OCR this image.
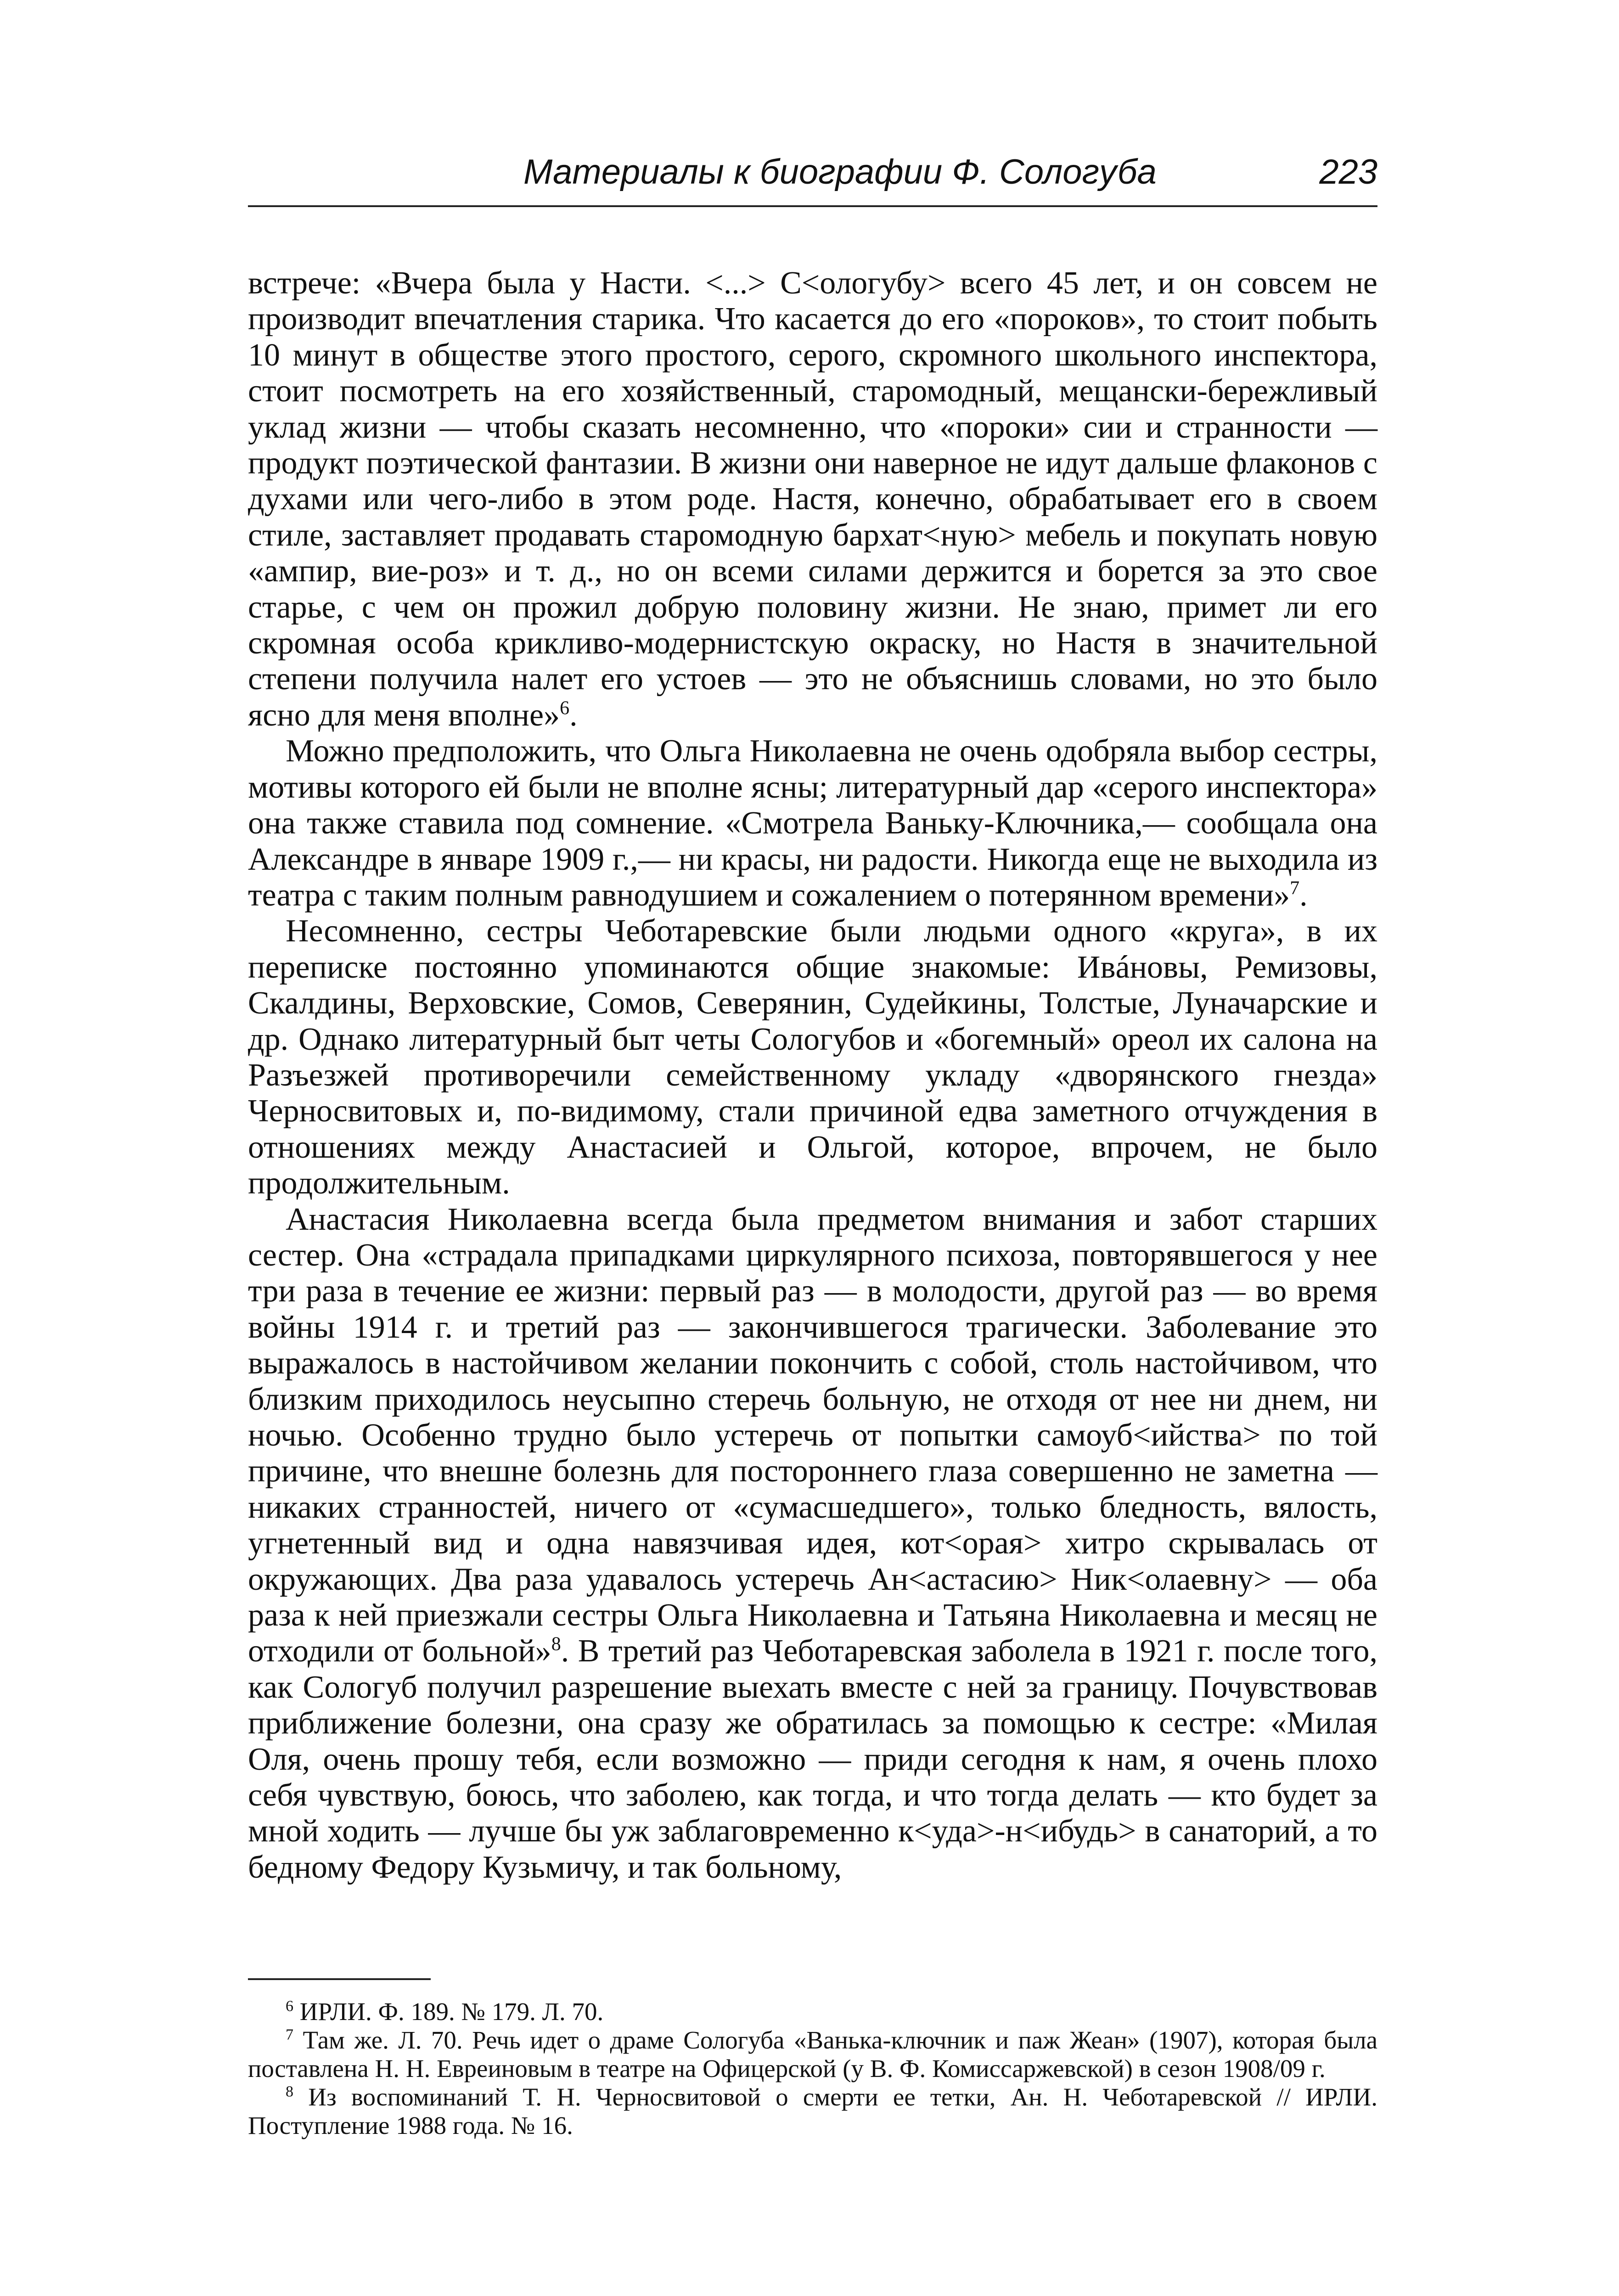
Материалы к биографии Ф. Сологуба	223

встрече: «Вчера была у Насти. <...> С<ологубу> всего 45 лет, и он совсем не производит впечатления старика. Что касается до его «пороков», то стоит побыть 10 минут в обществе этого простого, серого, скромного школьного инспектора, стоит посмотреть на его хозяйственный, старомодный, мещански-бережливый уклад жизни — чтобы сказать несомненно, что «пороки» сии и странности — продукт поэтической фантазии. В жизни они наверное не идут дальше флаконов с духами или чего-либо в этом роде. Настя, конечно, обрабатывает его в своем стиле, заставляет продавать старомодную бархат<ную> мебель и покупать новую «ампир, вие-роз» и т. д., но он всеми силами держится и борется за это свое старье, с чем он прожил добрую половину жизни. Не знаю, примет ли его скромная особа крикливо-модернистскую окраску, но Настя в значительной степени получила налет его устоев — это не объяснишь словами, но это было ясно для меня вполне»$^6$.

Можно предположить, что Ольга Николаевна не очень одобряла выбор сестры, мотивы которого ей были не вполне ясны; литературный дар «серого инспектора» она также ставила под сомнение. «Смотрела Ваньку-Ключника,— сообщала она Александре в январе 1909 г.,— ни красы, ни радости. Никогда еще не выходила из театра с таким полным равнодушием и сожалением о потерянном времени»$^7$.

Несомненно, сестры Чеботаревские были людьми одного «круга», в их переписке постоянно упоминаются общие знакомые: Ивáновы, Ремизовы, Скалдины, Верховские, Сомов, Северянин, Судейкины, Толстые, Луначарские и др. Однако литературный быт четы Сологубов и «богемный» ореол их салона на Разъезжей противоречили семейственному укладу «дворянского гнезда» Черносвитовых и, по-видимому, стали причиной едва заметного отчуждения в отношениях между Анастасией и Ольгой, которое, впрочем, не было продолжительным.

Анастасия Николаевна всегда была предметом внимания и забот старших сестер. Она «страдала припадками циркулярного психоза, повторявшегося у нее три раза в течение ее жизни: первый раз — в молодости, другой раз — во время войны 1914 г. и третий раз — закончившегося трагически. Заболевание это выражалось в настойчивом желании покончить с собой, столь настойчивом, что близким приходилось неусыпно стеречь больную, не отходя от нее ни днем, ни ночью. Особенно трудно было устеречь от попытки самоуб<ийства> по той причине, что внешне болезнь для постороннего глаза совершенно не заметна — никаких странностей, ничего от «сумасшедшего», только бледность, вялость, угнетенный вид и одна навязчивая идея, кот<орая> хитро скрывалась от окружающих. Два раза удавалось устеречь Ан<астасию> Ник<олаевну> — оба раза к ней приезжали сестры Ольга Николаевна и Татьяна Николаевна и месяц не отходили от больной»$^8$. В третий раз Чеботаревская заболела в 1921 г. после того, как Сологуб получил разрешение выехать вместе с ней за границу. Почувствовав приближение болезни, она сразу же обратилась за помощью к сестре: «Милая Оля, очень прошу тебя, если возможно — приди сегодня к нам, я очень плохо себя чувствую, боюсь, что заболею, как тогда, и что тогда делать — кто будет за мной ходить — лучше бы уж заблаговременно к<уда>-н<ибудь> в санаторий, а то бедному Федору Кузьмичу, и так больному,

$^6$ ИРЛИ. Ф. 189. № 179. Л. 70.

$^7$ Там же. Л. 70. Речь идет о драме Сологуба «Ванька-ключник и паж Жеан» (1907), которая была поставлена Н. Н. Евреиновым в театре на Офицерской (у В. Ф. Комиссаржевской) в сезон 1908/09 г.

$^8$ Из воспоминаний Т. Н. Черносвитовой о смерти ее тетки, Ан. Н. Чеботаревской // ИРЛИ. Поступление 1988 года. № 16.
